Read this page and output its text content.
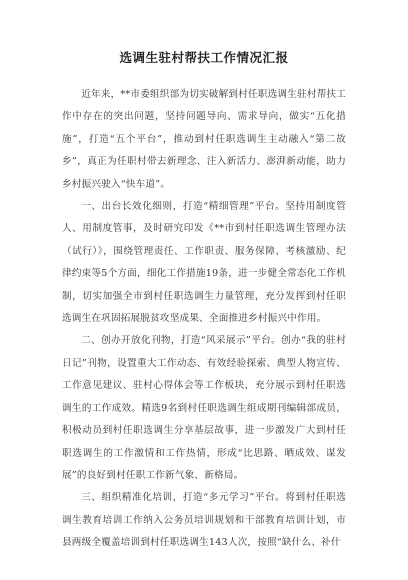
选调生驻村帮扶工作情况汇报

近年来，**市委组织部为切实破解到村任职选调生驻村帮扶工作中存在的突出问题，坚持问题导向、需求导向，做实“五化措施”，打造“五个平台”，推动到村任职选调生主动融入“第二故乡”，真正为任职村带去新理念、注入新活力、澎湃新动能，助力乡村振兴驶入“快车道”。

一、出台长效化细则，打造“精细管理”平台。坚持用制度管人、用制度管事，及时研究印发《**市到村任职选调生管理办法（试行）》，围绕管理责任、工作职责、服务保障、考核激励、纪律约束等5个方面，细化工作措施19条，进一步健全常态化工作机制，切实加强全市到村任职选调生力量管理，充分发挥到村任职选调生在巩固拓展脱贫攻坚成果、全面推进乡村振兴中作用。

二、创办开放化刊物，打造“风采展示”平台。创办“我的驻村日记”刊物，设置重大工作动态、有效经验探索、典型人物宣传、工作意见建议、驻村心得体会等工作板块，充分展示到村任职选调生的工作成效。精选9名到村任职选调生组成期刊编辑部成员，积极动员到村任职选调生分享基层故事，进一步激发广大到村任职选调生的工作激情和工作热情，形成“比思路、晒成效、谋发展”的良好到村任职工作新气象、新格局。

三、组织精准化培训，打造“多元学习”平台。将到村任职选调生教育培训工作纳入公务员培训规划和干部教育培训计划，市县两级全覆盖培训到村任职选调生143人次，按照“缺什么、补什
